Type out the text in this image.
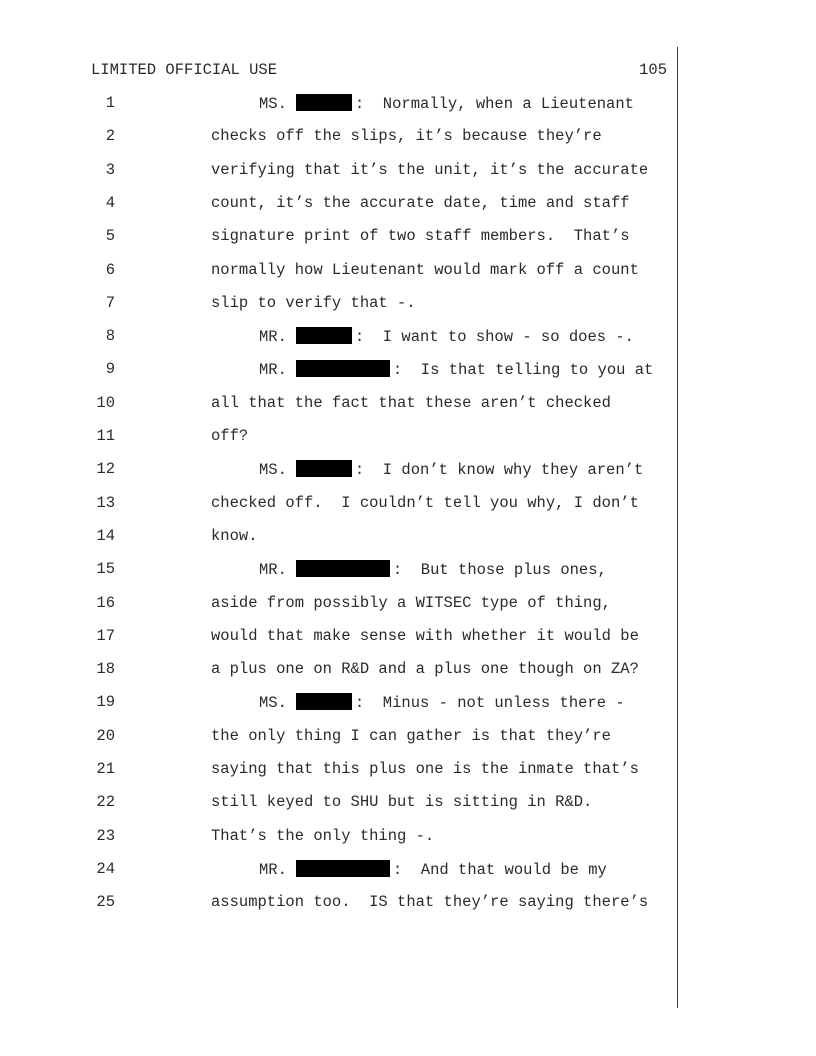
LIMITED OFFICIAL USE	105
1	MS.	:  Normally, when a Lieutenant
2	checks off the slips, it’s because they’re
3	verifying that it’s the unit, it’s the accurate
4	count, it’s the accurate date, time and staff
5	signature print of two staff members.  That’s
6	normally how Lieutenant would mark off a count
7	slip to verify that -.
8	MR.	:  I want to show - so does -.
9	MR.	:  Is that telling to you at
10	all that the fact that these aren’t checked
11	off?
12	MS.	:  I don’t know why they aren’t
13	checked off.  I couldn’t tell you why, I don’t
14	know.
15	MR.	:  But those plus ones,
16	aside from possibly a WITSEC type of thing,
17	would that make sense with whether it would be
18	a plus one on R&D and a plus one though on ZA?
19	MS.	:  Minus - not unless there -
20	the only thing I can gather is that they’re
21	saying that this plus one is the inmate that’s
22	still keyed to SHU but is sitting in R&D.
23	That’s the only thing -.
24	MR.	:  And that would be my
25	assumption too.  IS that they’re saying there’s
